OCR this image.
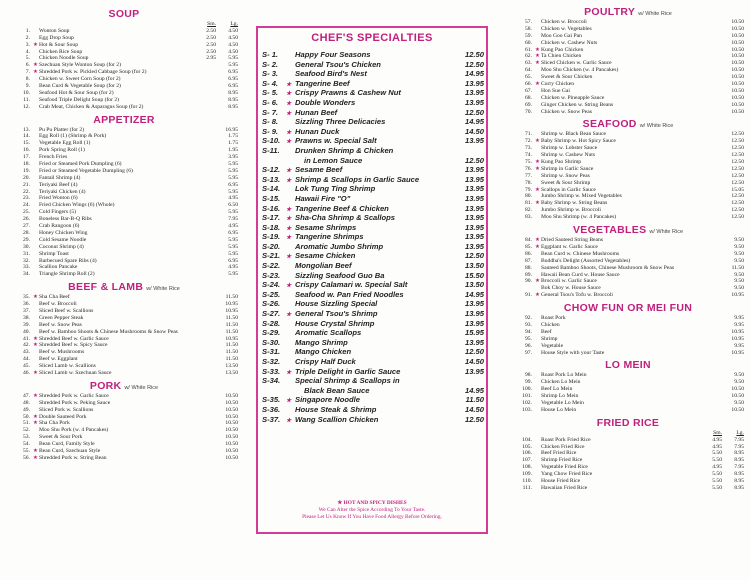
SOUP
Sm.	Lg.
1.	Wonton Soup	2.50	4.50
2.	Egg Drop Soup	2.50	4.50
3. ★ Hot & Sour Soup	2.50	4.50
4.	Chicken Rice Soup	2.50	4.50
5.	Chicken Noodle Soup	2.95	5.95
6. ★ Szechuan Style Wonton Soup (for 2)	5.95
7. ★ Shredded Pork w. Pickled Cabbage Soup (for 2)	6.95
8.	Chicken w. Sweet Corn Soup (for 2)	6.95
9.	Bean Curd & Vegetable Soup (for 2)	6.95
10.	Seafood Hot & Sour Soup (for 2)	8.95
11.	Seafood Triple Delight Soup (for 2)	8.95
12.	Crab Meat, Chicken & Asparagus Soup (for 2)	8.95
APPETIZER
13.	Pu Pu Platter (for 2)	16.95
14.	Egg Roll (1) (Shrimp & Pork)	1.75
15.	Vegetable Egg Roll (1)	1.75
16.	Pork Spring Roll (1)	1.95
17.	French Fries	3.95
18.	Fried or Steamed Pork Dumpling (6)	5.95
19.	Fried or Steamed Vegetable Dumpling (6)	5.95
20.	Fantail Shrimp (4)	5.95
21.	Teriyaki Beef (4)	6.95
22.	Teriyaki Chicken (4)	5.95
23.	Fried Wonton (6)	4.95
24.	Fried Chicken Wings (6) (Whole)	6.50
25.	Cold Fingers (5)	5.95
26.	Boneless Bar-B-Q Ribs	7.95
27.	Crab Rangoon (6)	4.95
28.	Honey Chicken Wing	6.95
29.	Cold Sesame Noodle	5.95
30.	Coconut Shrimp (4)	5.95
31.	Shrimp Toast	5.95
32.	Barbecued Spare Ribs (4)	6.95
33.	Scallion Pancake	4.95
34.	Triangle Shrimp Roll (2)	5.95
BEEF & LAMB w/ White Rice
35. ★ Sha Cha Beef	11.50
36.	Beef w. Broccoli	10.95
37.	Sliced Beef w. Scallions	10.95
38.	Green Pepper Steak	11.50
39.	Beef w. Snow Peas	11.50
40.	Beef w. Bamboo Shoots & Chinese Mushrooms & Snow Peas	11.50
41. ★ Shredded Beef w. Garlic Sauce	10.95
42. ★ Shredded Beef w. Spicy Sauce	11.50
43.	Beef w. Mushrooms	11.50
44.	Beef w. Eggplant	11.50
45.	Sliced Lamb w. Scallions	13.50
46. ★ Sliced Lamb w. Szechuan Sauce	13.50
PORK w/ White Rice
47. ★ Shredded Pork w. Garlic Sauce	10.50
48.	Shredded Pork w. Peking Sauce	10.50
49.	Sliced Pork w. Scallions	10.50
50. ★ Double Sauteed Pork	10.50
51. ★ Sha Cha Pork	10.50
52.	Moo Shu Pork (w. 4 Pancakes)	10.50
53.	Sweet & Sour Pork	10.50
54.	Bean Curd, Family Style	10.50
55. ★ Bean Curd, Szechuan Style	10.50
56. ★ Shredded Pork w. String Bean	10.50
CHEF'S SPECIALTIES
S- 1.	Happy Four Seasons	12.50
S- 2.	General Tsou's Chicken	12.50
S- 3.	Seafood Bird's Nest	14.95
S- 4.	★ Tangerine Beef	13.95
S- 5.	★ Crispy Prawns & Cashew Nut	13.95
S- 6.	★ Double Wonders	13.95
S- 7.	★ Hunan Beef	12.50
S- 8.	Sizzling Three Delicacies	14.95
S- 9.	★ Hunan Duck	14.50
S-10. ★ Prawns w. Special Salt	13.95
S-11.	Drunken Shrimp & Chicken
in Lemon Sauce	12.50
S-12. ★ Sesame Beef	13.95
S-13. ★ Shrimp & Scallops in Garlic Sauce	13.95
S-14.	Lok Tung Ting Shrimp	13.95
S-15.	Hawaii Fire "O"	13.95
S-16. ★ Tangerine Beef & Chicken	13.95
S-17. ★ Sha-Cha Shrimp & Scallops	13.95
S-18. ★ Sesame Shrimps	13.95
S-19. ★ Tangerine Shrimps	13.95
S-20.	Aromatic Jumbo Shrimp	13.95
S-21. ★ Sesame Chicken	12.50
S-22.	Mongolian Beef	13.50
S-23.	Sizzling Seafood Guo Ba	15.50
S-24. ★ Crispy Calamari w. Special Salt	13.50
S-25.	Seafood w. Pan Fried Noodles	14.95
S-26.	House Sizzling Special	13.95
S-27. ★ General Tsou's Shrimp	13.95
S-28.	House Crystal Shrimp	13.95
S-29.	Aromatic Scallops	15.95
S-30.	Mango Shrimp	13.95
S-31.	Mango Chicken	12.50
S-32.	Crispy Half Duck	14.50
S-33. ★ Triple Delight in Garlic Sauce	13.95
S-34.	Special Shrimp & Scallops in
Black Bean Sauce	14.95
S-35. ★ Singapore Noodle	11.50
S-36.	House Steak & Shrimp	14.50
S-37. ★ Wang Scallion Chicken	12.50
★ HOT AND SPICY DISHES
We Can Alter the Spice According To Your Taste.
Please Let Us Know If You Have Food Allergy Before Ordering.
POULTRY w/ White Rice
57.	Chicken w. Broccoli	10.50
58.	Chicken w. Vegetables	10.50
59.	Moo Goo Gai Pan	10.50
60.	Chicken w. Cashew Nuts	10.50
61. ★ Kung Pao Chicken	10.50
62. ★ Ta Chien Chicken	10.50
63. ★ Sliced Chicken w. Garlic Sauce	10.50
64.	Moo Shu Chicken (w. 4 Pancakes)	10.50
65.	Sweet & Sour Chicken	10.50
66. ★ Curry Chicken	10.50
67.	Hon Sue Gai	10.50
68.	Chicken w. Pineapple Sauce	10.50
69.	Ginger Chicken w. String Beans	10.50
70.	Chicken w. Snow Peas	10.50
SEAFOOD w/ White Rice
71.	Shrimp w. Black Bean Sauce	12.50
72. ★ Baby Shrimp w. Hot Spicy Sauce	12.50
73.	Shrimp w. Lobster Sauce	12.50
74.	Shrimp w. Cashew Nuts	12.50
75. ★ Kung Pao Shrimp	12.50
76. ★ Shrimp in Garlic Sauce	12.50
77.	Shrimp w. Snow Peas	12.50
78.	Sweet & Sour Shrimp	12.50
79. ★ Scallops in Garlic Sauce	15.05
80.	Jumbo Shrimp w. Mixed Vegetables	12.50
81. ★ Baby Shrimp w. String Beans	12.50
82.	Jumbo Shrimp w. Broccoli	12.50
83.	Moo Shu Shrimp (w. 4 Pancakes)	12.50
VEGETABLES w/ White Rice
84. ★ Dried Sauteed String Beans	9.50
85. ★ Eggplant w. Garlic Sauce	9.50
86.	Bean Curd w. Chinese Mushrooms	9.50
87.	Buddha's Delight (Assorted Vegetables)	9.50
88.	Sauteed Bamboo Shoots, Chinese Mushroom & Snow Peas	11.50
89.	Hawaii Bean Curd w. House Sauce	9.50
90. ★ Broccoli w. Garlic Sauce	9.50
Bok Choy w. House Sauce	9.50
91. ★ General Tsou's Tofu w. Broccoli	10.95
CHOW FUN OR MEI FUN
92.	Roast Pork	9.95
93.	Chicken	9.95
94.	Beef	10.95
95.	Shrimp	10.95
96.	Vegetable	9.95
97.	House Style with your Taste	10.95
LO MEIN
98.	Roast Pork Lo Mein	9.50
99.	Chicken Lo Mein	9.50
100.	Beef Lo Mein	10.50
101.	Shrimp Lo Mein	10.50
102.	Vegetable Lo Mein	9.50
103.	House Lo Mein	10.50
FRIED RICE
Sm.	Lg.
104.	Roast Pork Fried Rice	4.95	7.95
105.	Chicken Fried Rice	4.95	7.95
106.	Beef Fried Rice	5.50	8.95
107.	Shrimp Fried Rice	5.50	8.95
108.	Vegetable Fried Rice	4.95	7.95
109.	Yang Chow Fried Rice	5.50	8.95
110.	House Fried Rice	5.50	8.95
111.	Hawaiian Fried Rice	5.50	8.95
